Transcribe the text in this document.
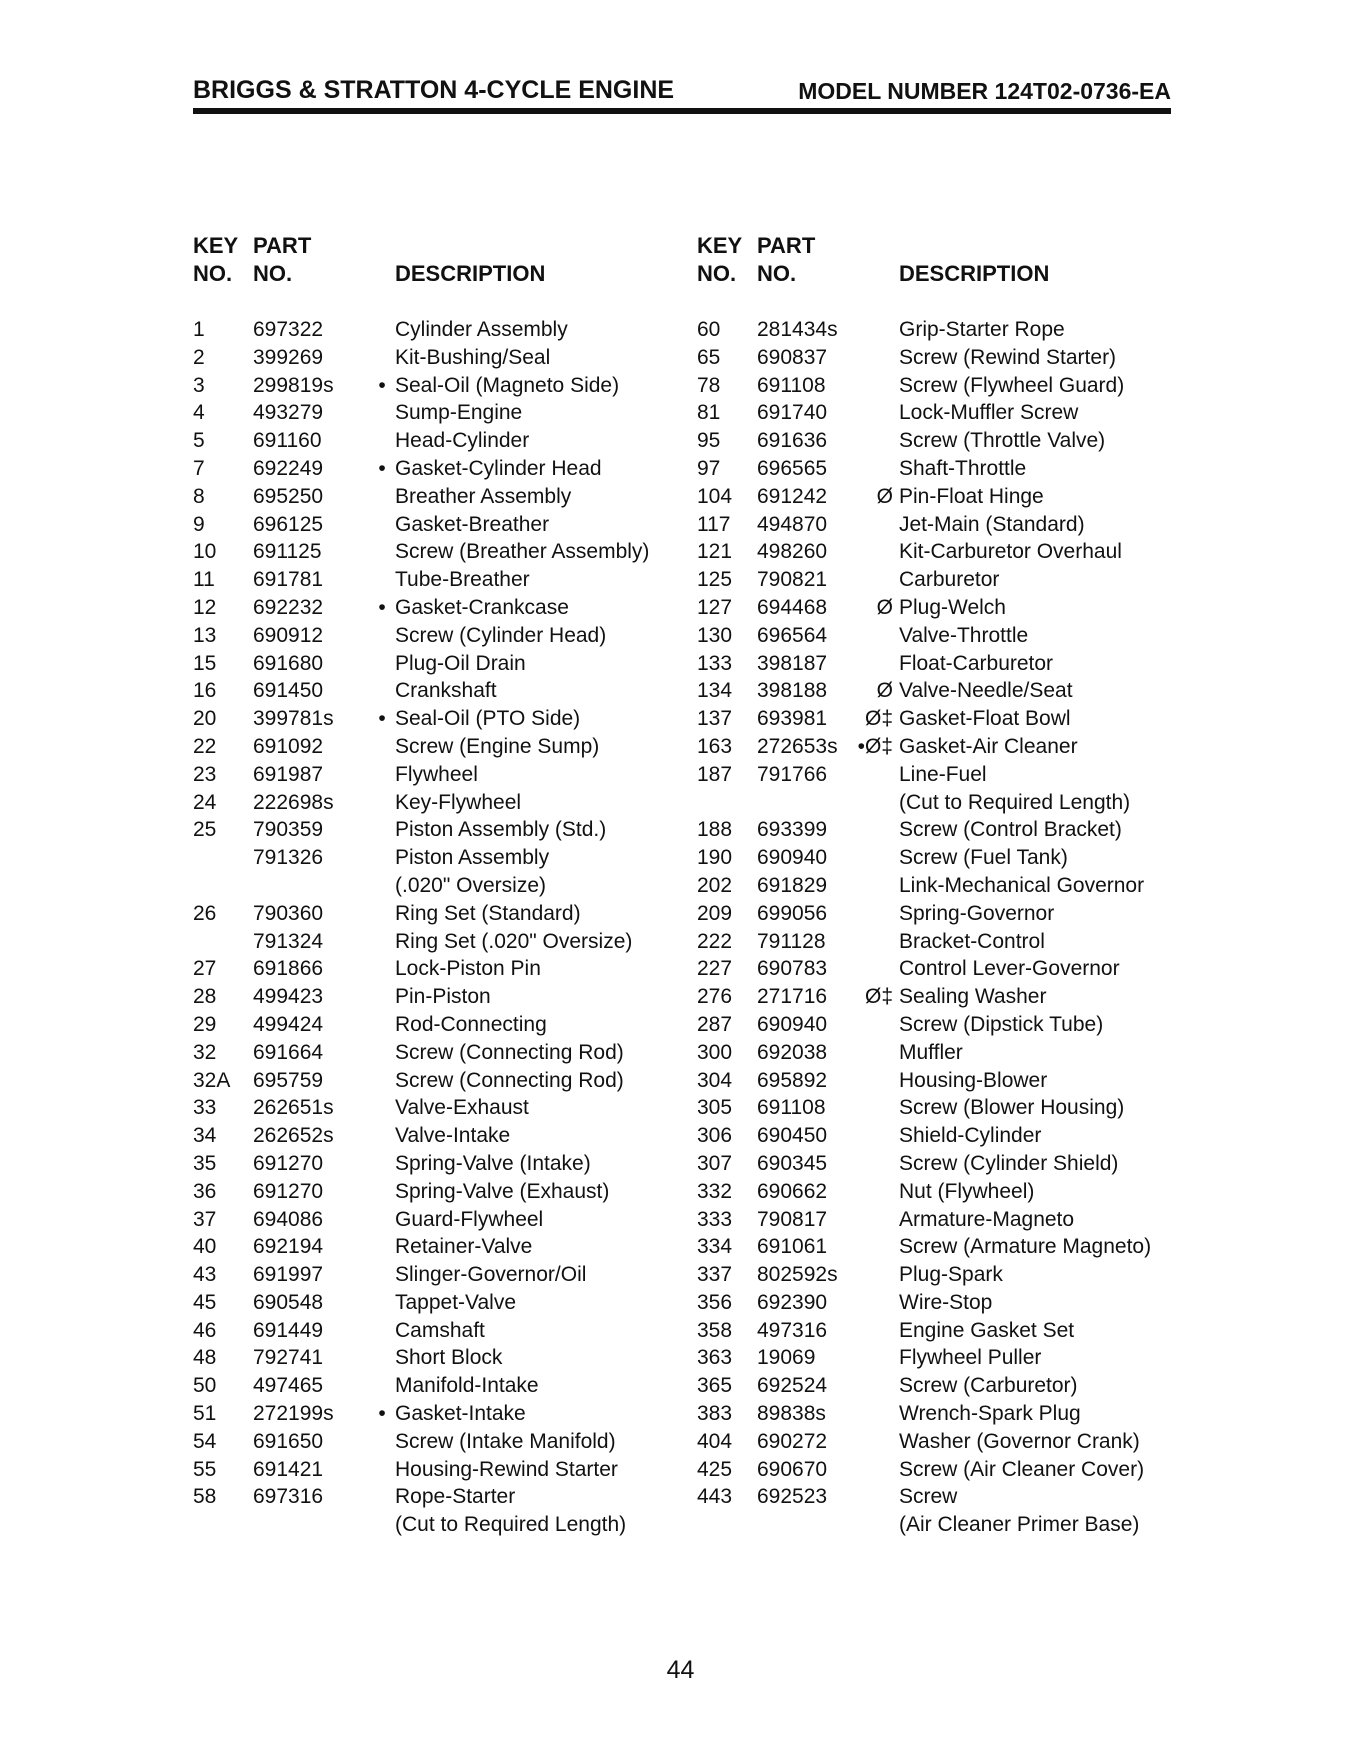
BRIGGS & STRATTON 4-CYCLE ENGINE	MODEL NUMBER 124T02-0736-EA
KEY
NO.
PART
NO.	DESCRIPTION
KEY
NO.
PART
NO.	DESCRIPTION
1 697322	Cylinder Assembly
2 399269	Kit-Bushing/Seal
3 299819s	• Seal-Oil (Magneto Side)
4 493279	Sump-Engine
5 691160	Head-Cylinder
7 692249	• Gasket-Cylinder Head
8 695250	Breather Assembly
9 696125	Gasket-Breather
10 691125	Screw (Breather Assembly)
11 691781	Tube-Breather
12 692232	• Gasket-Crankcase
13 690912	Screw (Cylinder Head)
15 691680	Plug-Oil Drain
16 691450	Crankshaft
20 399781s	• Seal-Oil (PTO Side)
22 691092	Screw (Engine Sump)
23 691987	Flywheel
24 222698s	Key-Flywheel
25 790359	Piston Assembly (Std.)
791326	Piston Assembly
(.020" Oversize)
26 790360	Ring Set (Standard)
791324	Ring Set (.020" Oversize)
27 691866	Lock-Piston Pin
28 499423	Pin-Piston
29 499424	Rod-Connecting
32 691664	Screw (Connecting Rod)
32A 695759	Screw (Connecting Rod)
33 262651s	Valve-Exhaust
34 262652s	Valve-Intake
35 691270	Spring-Valve (Intake)
36 691270	Spring-Valve (Exhaust)
37 694086	Guard-Flywheel
40 692194	Retainer-Valve
43 691997	Slinger-Governor/Oil
45 690548	Tappet-Valve
46 691449	Camshaft
48 792741	Short Block
50 497465	Manifold-Intake
51 272199s	• Gasket-Intake
54 691650	Screw (Intake Manifold)
55 691421	Housing-Rewind Starter
58 697316	Rope-Starter
(Cut to Required Length)
60 281434s	Grip-Starter Rope
65 690837	Screw (Rewind Starter)
78 691108	Screw (Flywheel Guard)
81 691740	Lock-Muffler Screw
95 691636	Screw (Throttle Valve)
97 696565	Shaft-Throttle
104 691242	Ø Pin-Float Hinge
117 494870	Jet-Main (Standard)
121 498260	Kit-Carburetor Overhaul
125 790821	Carburetor
127 694468	Ø Plug-Welch
130 696564	Valve-Throttle
133 398187	Float-Carburetor
134 398188	Ø Valve-Needle/Seat
137 693981	Ø‡ Gasket-Float Bowl
163 272653s •Ø‡ Gasket-Air Cleaner
187 791766	Line-Fuel
(Cut to Required Length)
188 693399	Screw (Control Bracket)
190 690940	Screw (Fuel Tank)
202 691829	Link-Mechanical Governor
209 699056	Spring-Governor
222 791128	Bracket-Control
227 690783	Control Lever-Governor
276 271716	Ø‡ Sealing Washer
287 690940	Screw (Dipstick Tube)
300 692038	Muffler
304 695892	Housing-Blower
305 691108	Screw (Blower Housing)
306 690450	Shield-Cylinder
307 690345	Screw (Cylinder Shield)
332 690662	Nut (Flywheel)
333 790817	Armature-Magneto
334 691061	Screw (Armature Magneto)
337 802592s	Plug-Spark
356 692390	Wire-Stop
358 497316	Engine Gasket Set
363 19069	Flywheel Puller
365 692524	Screw (Carburetor)
383 89838s	Wrench-Spark Plug
404 690272	Washer (Governor Crank)
425 690670	Screw (Air Cleaner Cover)
443 692523	Screw
(Air Cleaner Primer Base)
44
